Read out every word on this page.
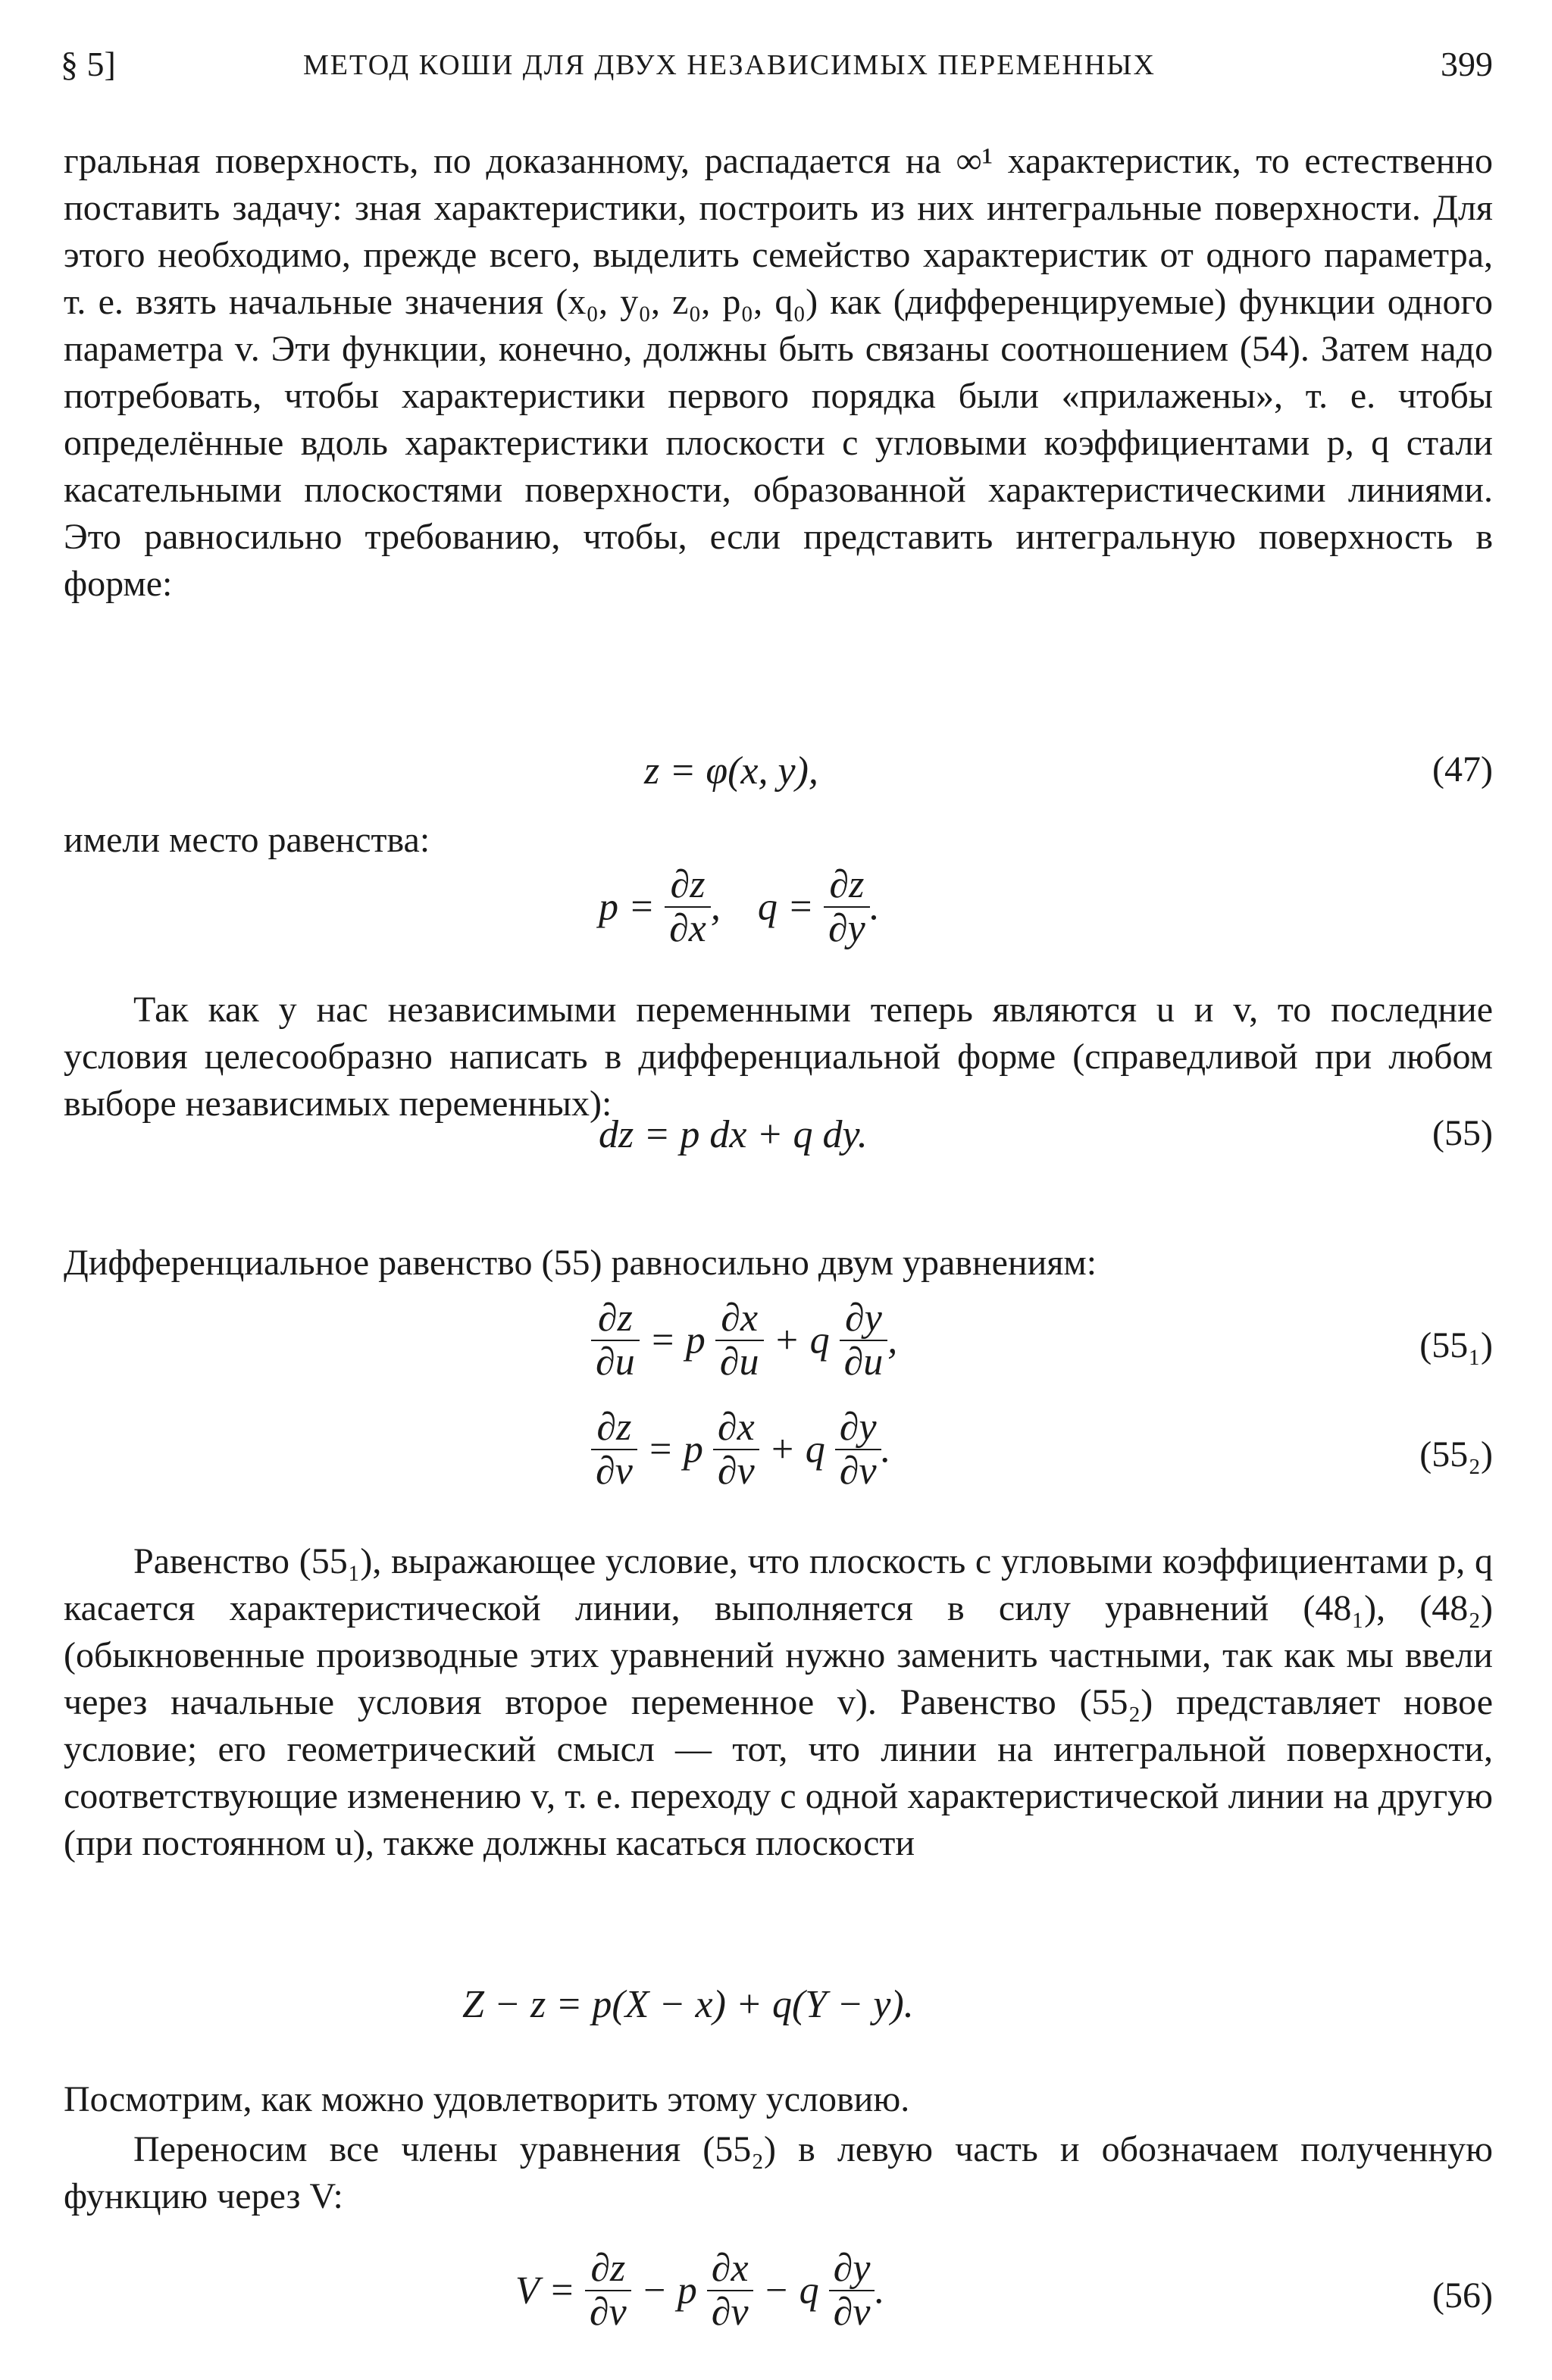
§ 5]	МЕТОД КОШИ ДЛЯ ДВУХ НЕЗАВИСИМЫХ ПЕРЕМЕННЫХ	399
гральная поверхность, по доказанному, распадается на ∞¹ характеристик, то естественно поставить задачу: зная характеристики, построить из них интегральные поверхности. Для этого необходимо, прежде всего, выделить семейство характеристик от одного параметра, т. е. взять начальные значения (x₀, y₀, z₀, p₀, q₀) как (дифференцируемые) функции одного параметра v. Эти функции, конечно, должны быть связаны соотношением (54). Затем надо потребовать, чтобы характеристики первого порядка были «прилажены», т. е. чтобы определённые вдоль характеристики плоскости с угловыми коэффициентами p, q стали касательными плоскостями поверхности, образованной характеристическими линиями. Это равносильно требованию, чтобы, если представить интегральную поверхность в форме:
z = φ(x, y),	(47)
имели место равенства:
$p = \frac{\partial z}{\partial x}$ , $q = \frac{\partial z}{\partial y}$ .
Так как у нас независимыми переменными теперь являются u и v, то последние условия целесообразно написать в дифференциальной форме (справедливой при любом выборе независимых переменных):
dz = p dx + q dy.	(55)
Дифференциальное равенство (55) равносильно двум уравнениям:
$\frac{\partial z}{\partial u} = p \frac{\partial x}{\partial u} + q \frac{\partial y}{\partial u}$ ,	(55₁)
$\frac{\partial z}{\partial v} = p \frac{\partial x}{\partial v} + q \frac{\partial y}{\partial v}$ .	(55₂)
Равенство (55₁), выражающее условие, что плоскость с угловыми коэффициентами p, q касается характеристической линии, выполняется в силу уравнений (48₁), (48₂) (обыкновенные производные этих уравнений нужно заменить частными, так как мы ввели через начальные условия второе переменное v). Равенство (55₂) представляет новое условие; его геометрический смысл — тот, что линии на интегральной поверхности, соответствующие изменению v, т. е. переходу с одной характеристической линии на другую (при постоянном u), также должны касаться плоскости
Z − z = p(X − x) + q(Y − y).
Посмотрим, как можно удовлетворить этому условию.
Переносим все члены уравнения (55₂) в левую часть и обозначаем полученную функцию через V:
$V = \frac{\partial z}{\partial v} - p \frac{\partial x}{\partial v} - q \frac{\partial y}{\partial v}$ .	(56)
